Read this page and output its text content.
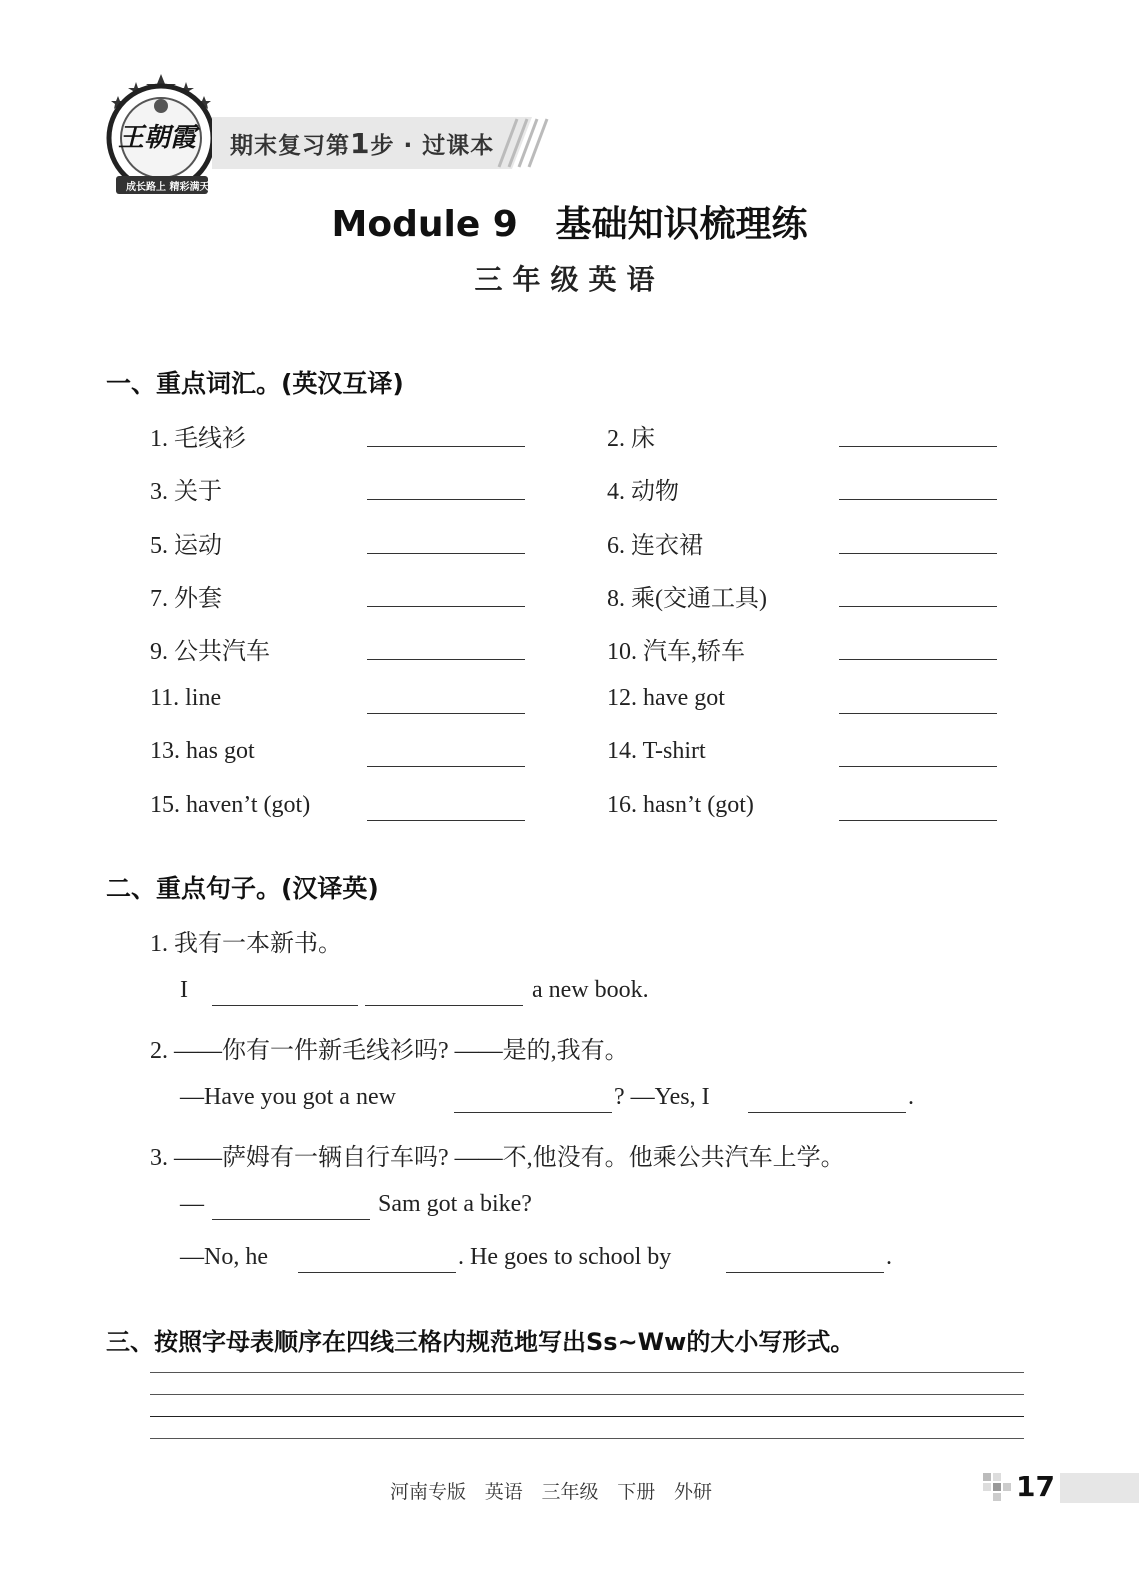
王朝霞
成长路上 精彩满天
期末复习第1步 · 过课本
Module 9   基础知识梳理练
三年级英语
一、重点词汇。(英汉互译)
1. 毛线衫	2. 床
3. 关于	4. 动物
5. 运动	6. 连衣裙
7. 外套	8. 乘(交通工具)
9. 公共汽车	10. 汽车,轿车
11. line	12. have got
13. has got	14. T-shirt
15. haven’t (got)	16. hasn’t (got)
二、重点句子。(汉译英)
1. 我有一本新书。
I	a new book.
2. ——你有一件新毛线衫吗? ——是的,我有。
—Have you got a new	? —Yes, I	.
3. ——萨姆有一辆自行车吗? ——不,他没有。他乘公共汽车上学。
—	Sam got a bike?
—No, he	. He goes to school by	.
三、按照字母表顺序在四线三格内规范地写出Ss~Ww的大小写形式。
河南专版 英语 三年级 下册 外研	17
